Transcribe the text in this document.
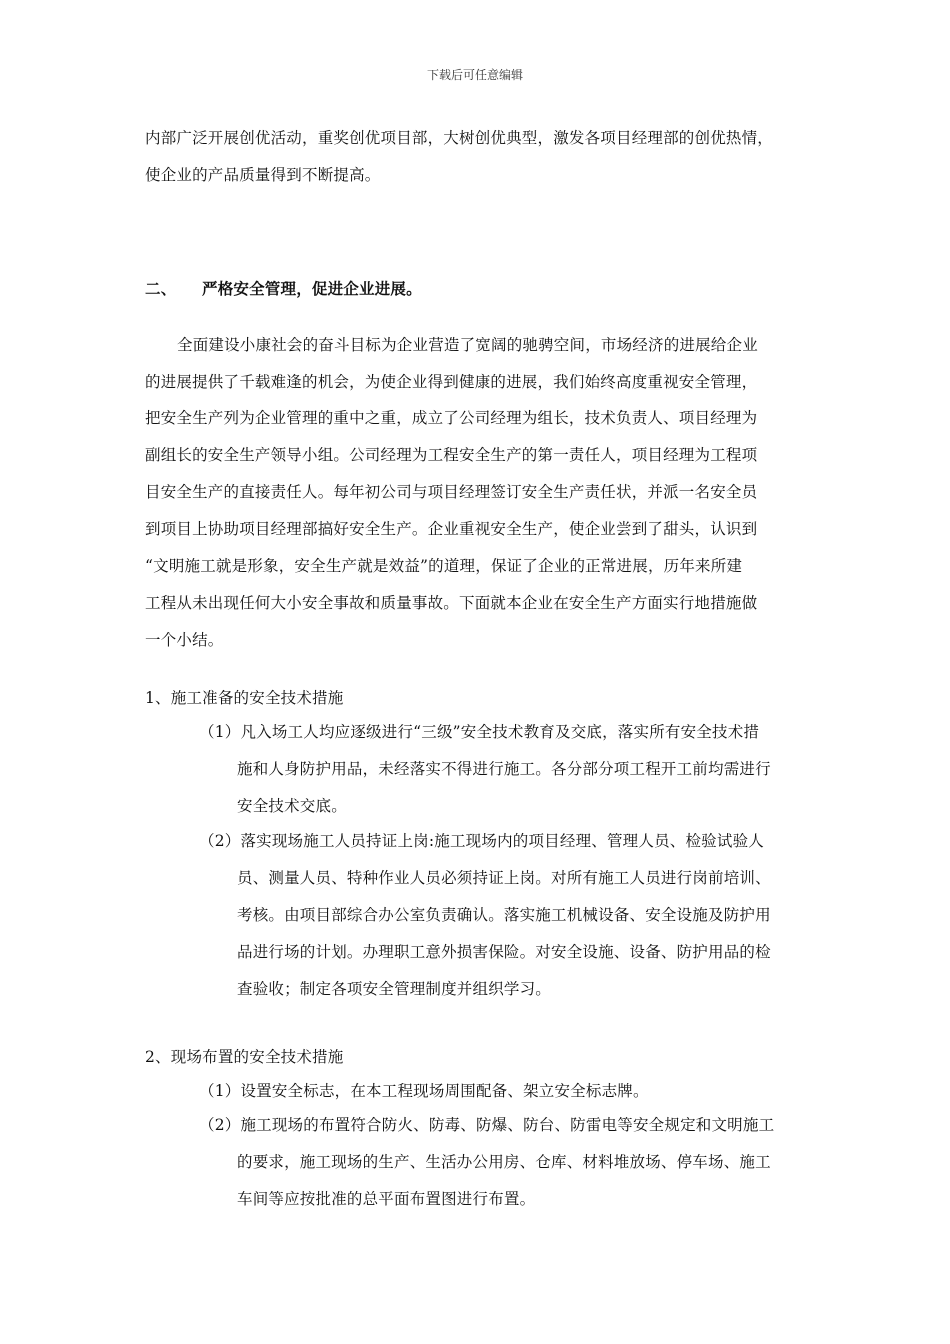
下载后可任意编辑
内部广泛开展创优活动，重奖创优项目部，大树创优典型，激发各项目经理部的创优热情，
使企业的产品质量得到不断提高。
二、 严格安全管理，促进企业进展。
全面建设小康社会的奋斗目标为企业营造了宽阔的驰骋空间，市场经济的进展给企业
的进展提供了千载难逢的机会，为使企业得到健康的进展，我们始终高度重视安全管理，
把安全生产列为企业管理的重中之重，成立了公司经理为组长，技术负责人、项目经理为
副组长的安全生产领导小组。公司经理为工程安全生产的第一责任人，项目经理为工程项
目安全生产的直接责任人。每年初公司与项目经理签订安全生产责任状，并派一名安全员
到项目上协助项目经理部搞好安全生产。企业重视安全生产，使企业尝到了甜头，认识到
“文明施工就是形象，安全生产就是效益”的道理，保证了企业的正常进展，历年来所建
工程从未出现任何大小安全事故和质量事故。下面就本企业在安全生产方面实行地措施做
一个小结。
1、施工准备的安全技术措施
（1）凡入场工人均应逐级进行“三级”安全技术教育及交底，落实所有安全技术措
施和人身防护用品，未经落实不得进行施工。各分部分项工程开工前均需进行
安全技术交底。
（2）落实现场施工人员持证上岗:施工现场内的项目经理、管理人员、检验试验人
员、测量人员、特种作业人员必须持证上岗。对所有施工人员进行岗前培训、
考核。由项目部综合办公室负责确认。落实施工机械设备、安全设施及防护用
品进行场的计划。办理职工意外损害保险。对安全设施、设备、防护用品的检
查验收；制定各项安全管理制度并组织学习。
2、现场布置的安全技术措施
（1）设置安全标志，在本工程现场周围配备、架立安全标志牌。
（2）施工现场的布置符合防火、防毒、防爆、防台、防雷电等安全规定和文明施工
的要求，施工现场的生产、生活办公用房、仓库、材料堆放场、停车场、施工
车间等应按批准的总平面布置图进行布置。
